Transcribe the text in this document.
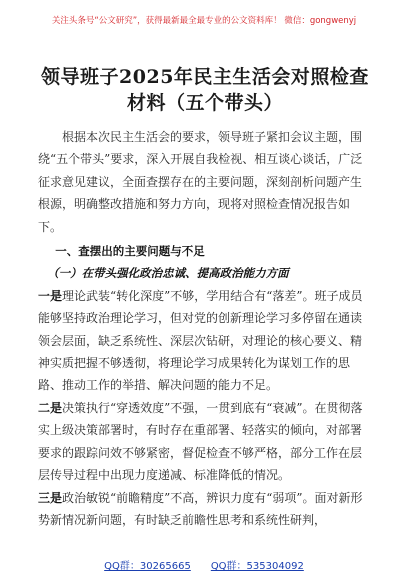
关注头条号“公文研究”，获得最新最全最专业的公文资料库！ 微信：gongwenyj
领导班子2025年民主生活会对照检查材料（五个带头）

根据本次民主生活会的要求，领导班子紧扣会议主题，围绕“五个带头”要求，深入开展自我检视、相互谈心谈话，广泛征求意见建议，全面查摆存在的主要问题，深刻剖析问题产生根源，明确整改措施和努力方向，现将对照检查情况报告如下。

一、查摆出的主要问题与不足

（一）在带头强化政治忠诚、提高政治能力方面

一是理论武装“转化深度”不够，学用结合有“落差”。班子成员能够坚持政治理论学习，但对党的创新理论学习多停留在通读领会层面，缺乏系统性、深层次钻研，对理论的核心要义、精神实质把握不够透彻，将理论学习成果转化为谋划工作的思路、推动工作的举措、解决问题的能力不足。

二是决策执行“穿透效度”不强，一贯到底有“衰减”。在贯彻落实上级决策部署时，有时存在重部署、轻落实的倾向，对部署要求的跟踪问效不够紧密，督促检查不够严格，部分工作在层层传导过程中出现力度递减、标准降低的情况。

三是政治敏锐“前瞻精度”不高，辨识力度有“弱项”。面对新形势新情况新问题，有时缺乏前瞻性思考和系统性研判，

QQ群：30265665 QQ群：535304092
